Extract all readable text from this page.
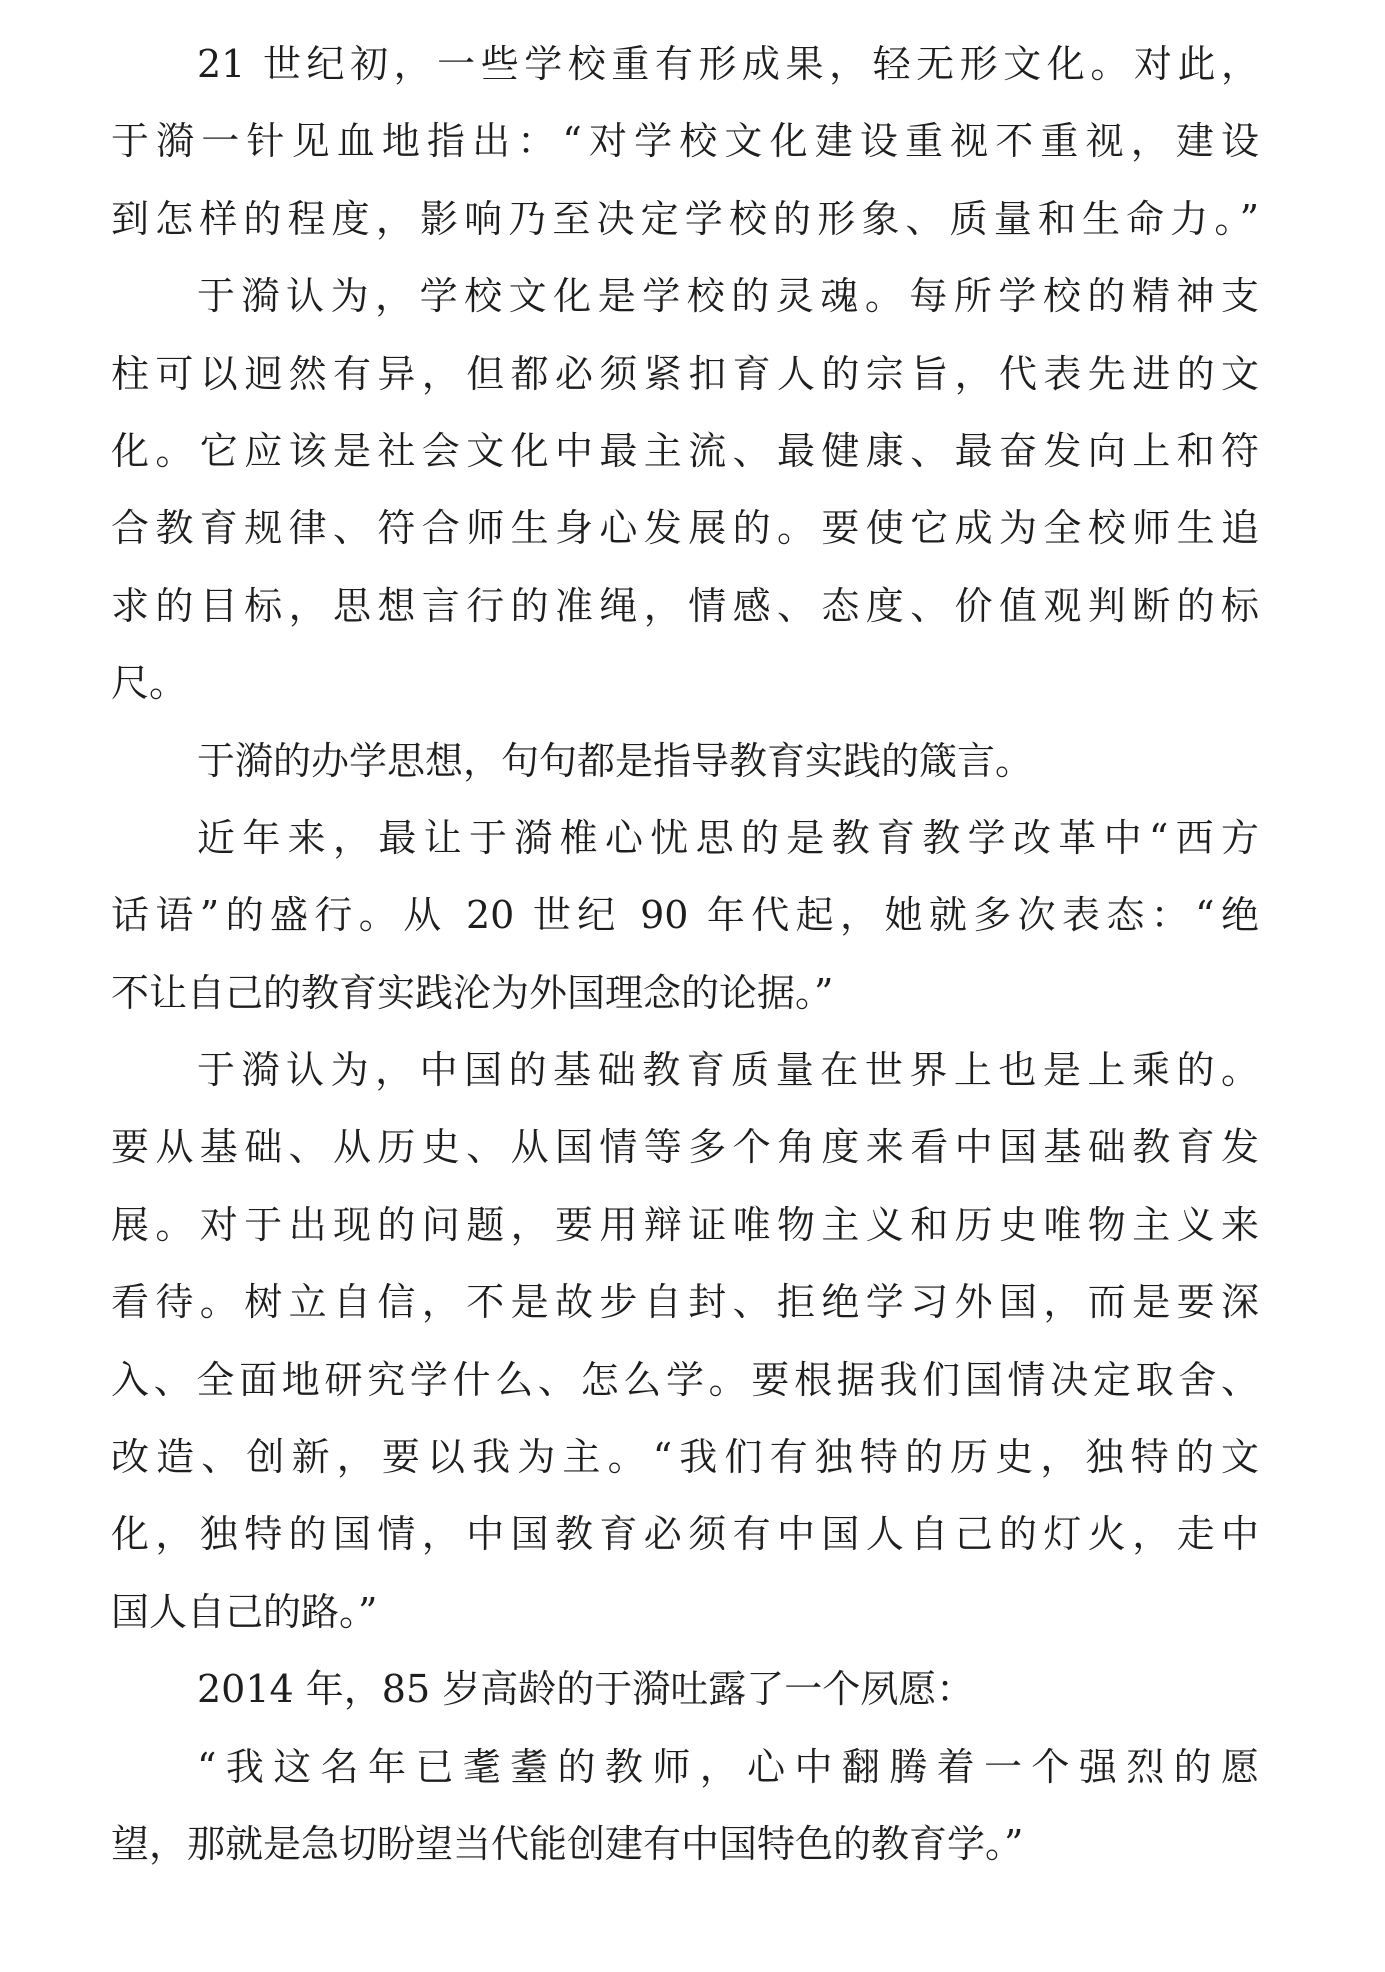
21 世纪初，一些学校重有形成果，轻无形文化。对此，
于漪一针见血地指出：“对学校文化建设重视不重视，建设
到怎样的程度，影响乃至决定学校的形象、质量和生命力。”
于漪认为，学校文化是学校的灵魂。每所学校的精神支
柱可以迥然有异，但都必须紧扣育人的宗旨，代表先进的文
化。它应该是社会文化中最主流、最健康、最奋发向上和符
合教育规律、符合师生身心发展的。要使它成为全校师生追
求的目标，思想言行的准绳，情感、态度、价值观判断的标
尺。
于漪的办学思想，句句都是指导教育实践的箴言。
近年来，最让于漪椎心忧思的是教育教学改革中“西方
话语”的盛行。从 20 世纪 90 年代起，她就多次表态：“绝
不让自己的教育实践沦为外国理念的论据。”
于漪认为，中国的基础教育质量在世界上也是上乘的。
要从基础、从历史、从国情等多个角度来看中国基础教育发
展。对于出现的问题，要用辩证唯物主义和历史唯物主义来
看待。树立自信，不是故步自封、拒绝学习外国，而是要深
入、全面地研究学什么、怎么学。要根据我们国情决定取舍、
改造、创新，要以我为主。“我们有独特的历史，独特的文
化，独特的国情，中国教育必须有中国人自己的灯火，走中
国人自己的路。”
2014 年，85 岁高龄的于漪吐露了一个夙愿：
“我这名年已耄耋的教师，心中翻腾着一个强烈的愿
望，那就是急切盼望当代能创建有中国特色的教育学。”
